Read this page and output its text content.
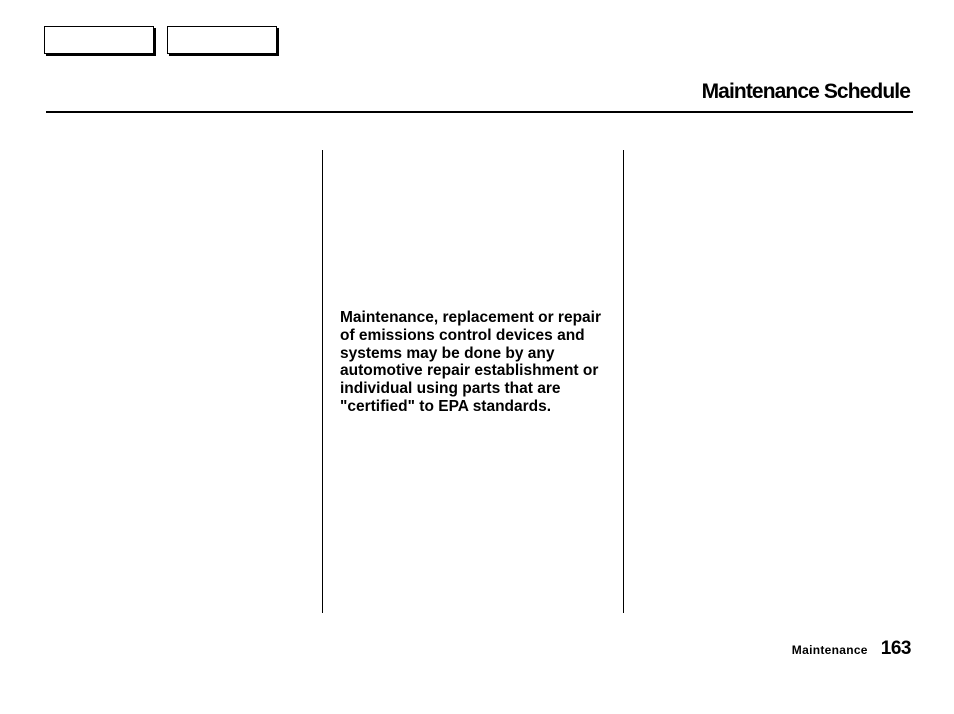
Maintenance Schedule

Maintenance, replacement or repair of emissions control devices and systems may be done by any automotive repair establishment or individual using parts that are "certified" to EPA standards.

Maintenance 163
